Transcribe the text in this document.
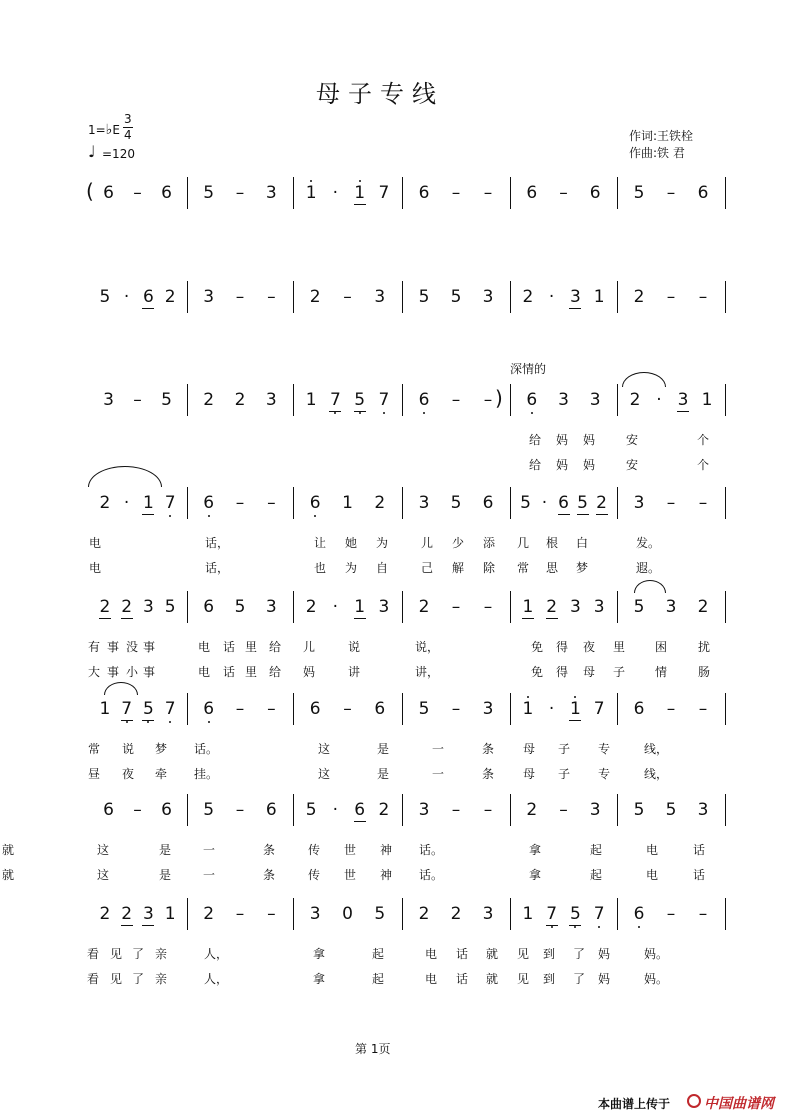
母子专线
1=♭E
3
4
♩ =120
作词:王铁栓
作曲:铁 君
深情的
(
)
第 1页
本曲谱上传于 中国曲谱网
6 – 6 5 – 3 1 · 1 7 6 – – 6 – 6 5 – 6
5 · 6 2 3 – – 2 – 3 5 5 3 2 · 3 1 2 – –
3 – 5 2 2 3 1 7 5 7 6 – – 6 3 3 2 · 3 1
给 妈 妈	安	个
给 妈 妈	安	个
2 · 1 7 6 – – 6 1 2 3 5 6 5 · 6 5 2 3 – –
电	话，	让 她 为	儿 少 添 几 根 白	发。
电	话，	也 为 自	己 解 除 常 思 梦	遐。
2 2 3 5 6 5 3 2 · 1 3 2 – – 1 2 3 3 5 3 2
有 事 没 事	电 话 里 给 儿	说	说，	免 得 夜 里 困	扰
大 事 小 事	电 话 里 给 妈	讲	讲，	免 得 母 子 情	肠
1 7 5 7 6 – – 6 – 6 5 – 3 1 · 1 7 6 – –
常 说 梦 话。	这	是	一	条 母 子 专	线，
昼 夜 牵 挂。	这	是	一	条 母 子 专	线，
6 – 6 5 – 6 5 · 6 2 3 – – 2 – 3 5 5 3
这	是	一	条	传 世 神 话。	拿	起	电	话
就
这	是	一	条	传 世 神 话。	拿	起	电	话
就
2 2 3 1 2 – – 3 0 5 2 2 3 1 7 5 7 6 – –
看 见 了 亲	人，	拿	起	电 话 就 见 到 了 妈	妈。
看 见 了 亲	人，	拿	起	电 话 就 见 到 了 妈	妈。
